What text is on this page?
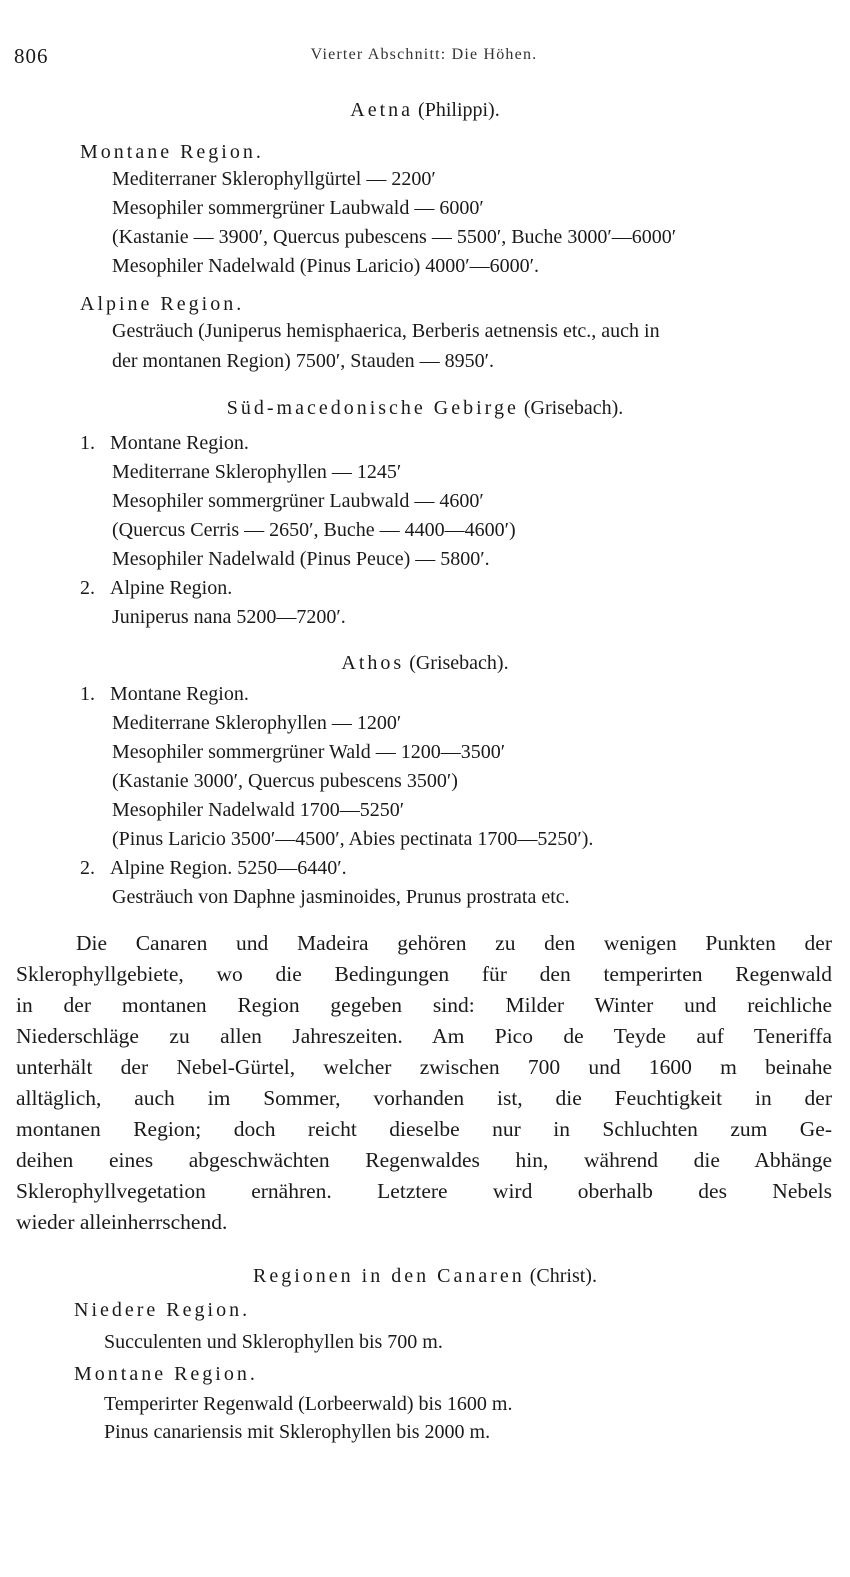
806	Vierter Abschnitt: Die Höhen.
Aetna (Philippi).
Montane Region.
Mediterraner Sklerophyllgürtel — 2200′
Mesophiler sommergrüner Laubwald — 6000′
(Kastanie — 3900′, Quercus pubescens — 5500′, Buche 3000′—6000′
Mesophiler Nadelwald (Pinus Laricio) 4000′—6000′.
Alpine Region.
Gesträuch (Juniperus hemisphaerica, Berberis aetnensis etc., auch in
der montanen Region) 7500′, Stauden — 8950′.
Süd-macedonische Gebirge (Grisebach).
1. Montane Region.
Mediterrane Sklerophyllen — 1245′
Mesophiler sommergrüner Laubwald — 4600′
(Quercus Cerris — 2650′, Buche — 4400—4600′)
Mesophiler Nadelwald (Pinus Peuce) — 5800′.
2. Alpine Region.
Juniperus nana 5200—7200′.
Athos (Grisebach).
1. Montane Region.
Mediterrane Sklerophyllen — 1200′
Mesophiler sommergrüner Wald — 1200—3500′
(Kastanie 3000′, Quercus pubescens 3500′)
Mesophiler Nadelwald 1700—5250′
(Pinus Laricio 3500′—4500′, Abies pectinata 1700—5250′).
2. Alpine Region. 5250—6440′.
Gesträuch von Daphne jasminoides, Prunus prostrata etc.
Die Canaren und Madeira gehören zu den wenigen Punkten der
Sklerophyllgebiete, wo die Bedingungen für den temperirten Regenwald
in der montanen Region gegeben sind: Milder Winter und reichliche
Niederschläge zu allen Jahreszeiten. Am Pico de Teyde auf Teneriffa
unterhält der Nebel-Gürtel, welcher zwischen 700 und 1600 m beinahe
alltäglich, auch im Sommer, vorhanden ist, die Feuchtigkeit in der
montanen Region; doch reicht dieselbe nur in Schluchten zum Ge-
deihen eines abgeschwächten Regenwaldes hin, während die Abhänge
Sklerophyllvegetation ernähren. Letztere wird oberhalb des Nebels
wieder alleinherrschend.
Regionen in den Canaren (Christ).
Niedere Region.
Succulenten und Sklerophyllen bis 700 m.
Montane Region.
Temperirter Regenwald (Lorbeerwald) bis 1600 m.
Pinus canariensis mit Sklerophyllen bis 2000 m.
